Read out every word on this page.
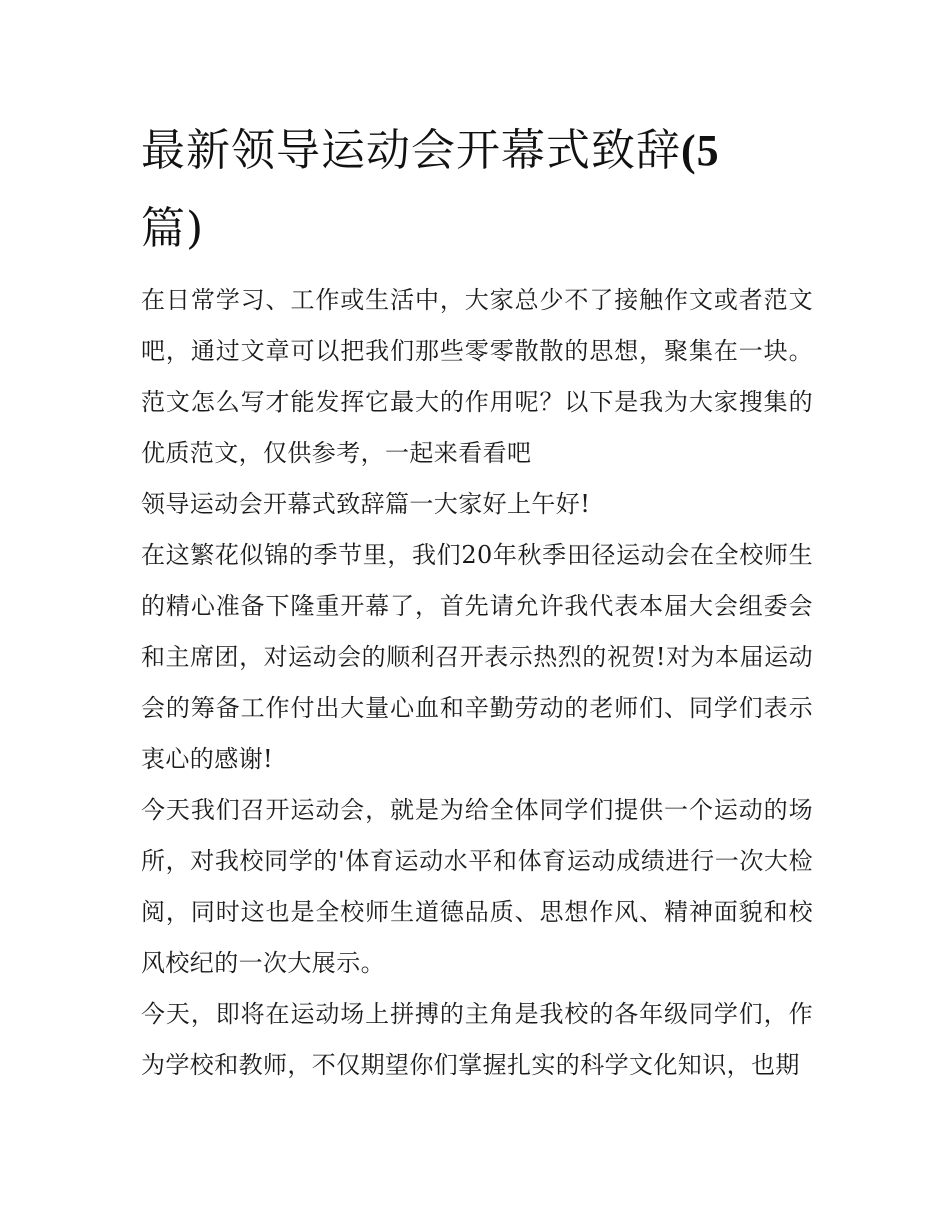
最新领导运动会开幕式致辞(5
篇)

在日常学习、工作或生活中，大家总少不了接触作文或者范文吧，通过文章可以把我们那些零零散散的思想，聚集在一块。范文怎么写才能发挥它最大的作用呢？以下是我为大家搜集的优质范文，仅供参考，一起来看看吧

领导运动会开幕式致辞篇一大家好上午好!

在这繁花似锦的季节里，我们20年秋季田径运动会在全校师生的精心准备下隆重开幕了，首先请允许我代表本届大会组委会和主席团，对运动会的顺利召开表示热烈的祝贺!对为本届运动会的筹备工作付出大量心血和辛勤劳动的老师们、同学们表示衷心的感谢!

今天我们召开运动会，就是为给全体同学们提供一个运动的场所，对我校同学的'体育运动水平和体育运动成绩进行一次大检阅，同时这也是全校师生道德品质、思想作风、精神面貌和校风校纪的一次大展示。

今天，即将在运动场上拼搏的主角是我校的各年级同学们，作为学校和教师，不仅期望你们掌握扎实的科学文化知识，也期
